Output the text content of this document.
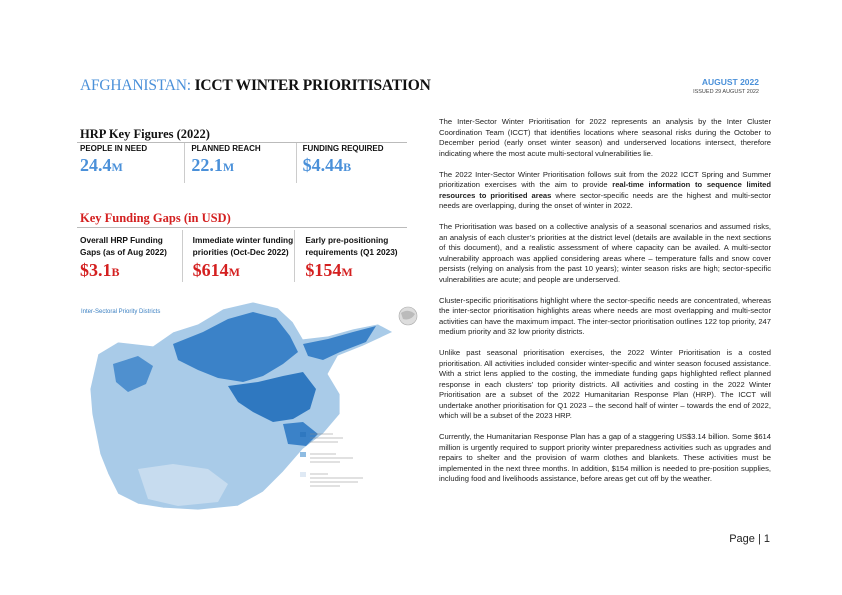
AFGHANISTAN: ICCT WINTER PRIORITISATION	AUGUST 2022
ISSUED 29 AUGUST 2022
HRP Key Figures (2022)
PEOPLE IN NEED
24.4M
PLANNED REACH
22.1M
FUNDING REQUIRED
$4.44B
Key Funding Gaps (in USD)
Overall HRP Funding Gaps (as of Aug 2022)
$3.1B
Immediate winter funding priorities (Oct-Dec 2022)
$614M
Early pre-positioning requirements (Q1 2023)
$154M
Inter-Sectoral Priority Districts

The Inter-Sector Winter Prioritisation for 2022 represents an analysis by the Inter Cluster Coordination Team (ICCT) that identifies locations where seasonal risks during the October to December period (early onset winter season) and underserved locations intersect, therefore indicating where the most acute multi-sectoral vulnerabilities lie.

The 2022 Inter-Sector Winter Prioritisation follows suit from the 2022 ICCT Spring and Summer prioritization exercises with the aim to provide real-time information to sequence limited resources to prioritised areas where sector-specific needs are the highest and multi-sector needs are overlapping, during the onset of winter in 2022.

The Prioritisation was based on a collective analysis of a seasonal scenarios and assumed risks, an analysis of each cluster’s priorities at the district level (details are available in the next sections of this document), and a realistic assessment of where capacity can be availed. A multi-sector vulnerability approach was applied considering areas where – temperature falls and snow cover persists (relying on analysis from the past 10 years); winter season risks are high; sector-specific vulnerabilities are acute; and people are underserved.

Cluster-specific prioritisations highlight where the sector-specific needs are concentrated, whereas the inter-sector prioritisation highlights areas where needs are most overlapping and multi-sector activities can have the maximum impact. The inter-sector prioritisation outlines 122 top priority, 247 medium priority and 32 low priority districts.

Unlike past seasonal prioritisation exercises, the 2022 Winter Prioritisation is a costed prioritisation. All activities included consider winter-specific and winter season focused assistance. With a strict lens applied to the costing, the immediate funding gaps highlighted reflect planned response in each clusters’ top priority districts. All activities and costing in the 2022 Winter Prioritisation are a subset of the 2022 Humanitarian Response Plan (HRP). The ICCT will undertake another prioritisation for Q1 2023 – the second half of winter – towards the end of 2022, which will be a subset of the 2023 HRP.

Currently, the Humanitarian Response Plan has a gap of a staggering US$3.14 billion. Some $614 million is urgently required to support priority winter preparedness activities such as upgrades and repairs to shelter and the provision of warm clothes and blankets. These activities must be implemented in the next three months. In addition, $154 million is needed to pre-position supplies, including food and livelihoods assistance, before areas get cut off by the weather.

Page | 1
